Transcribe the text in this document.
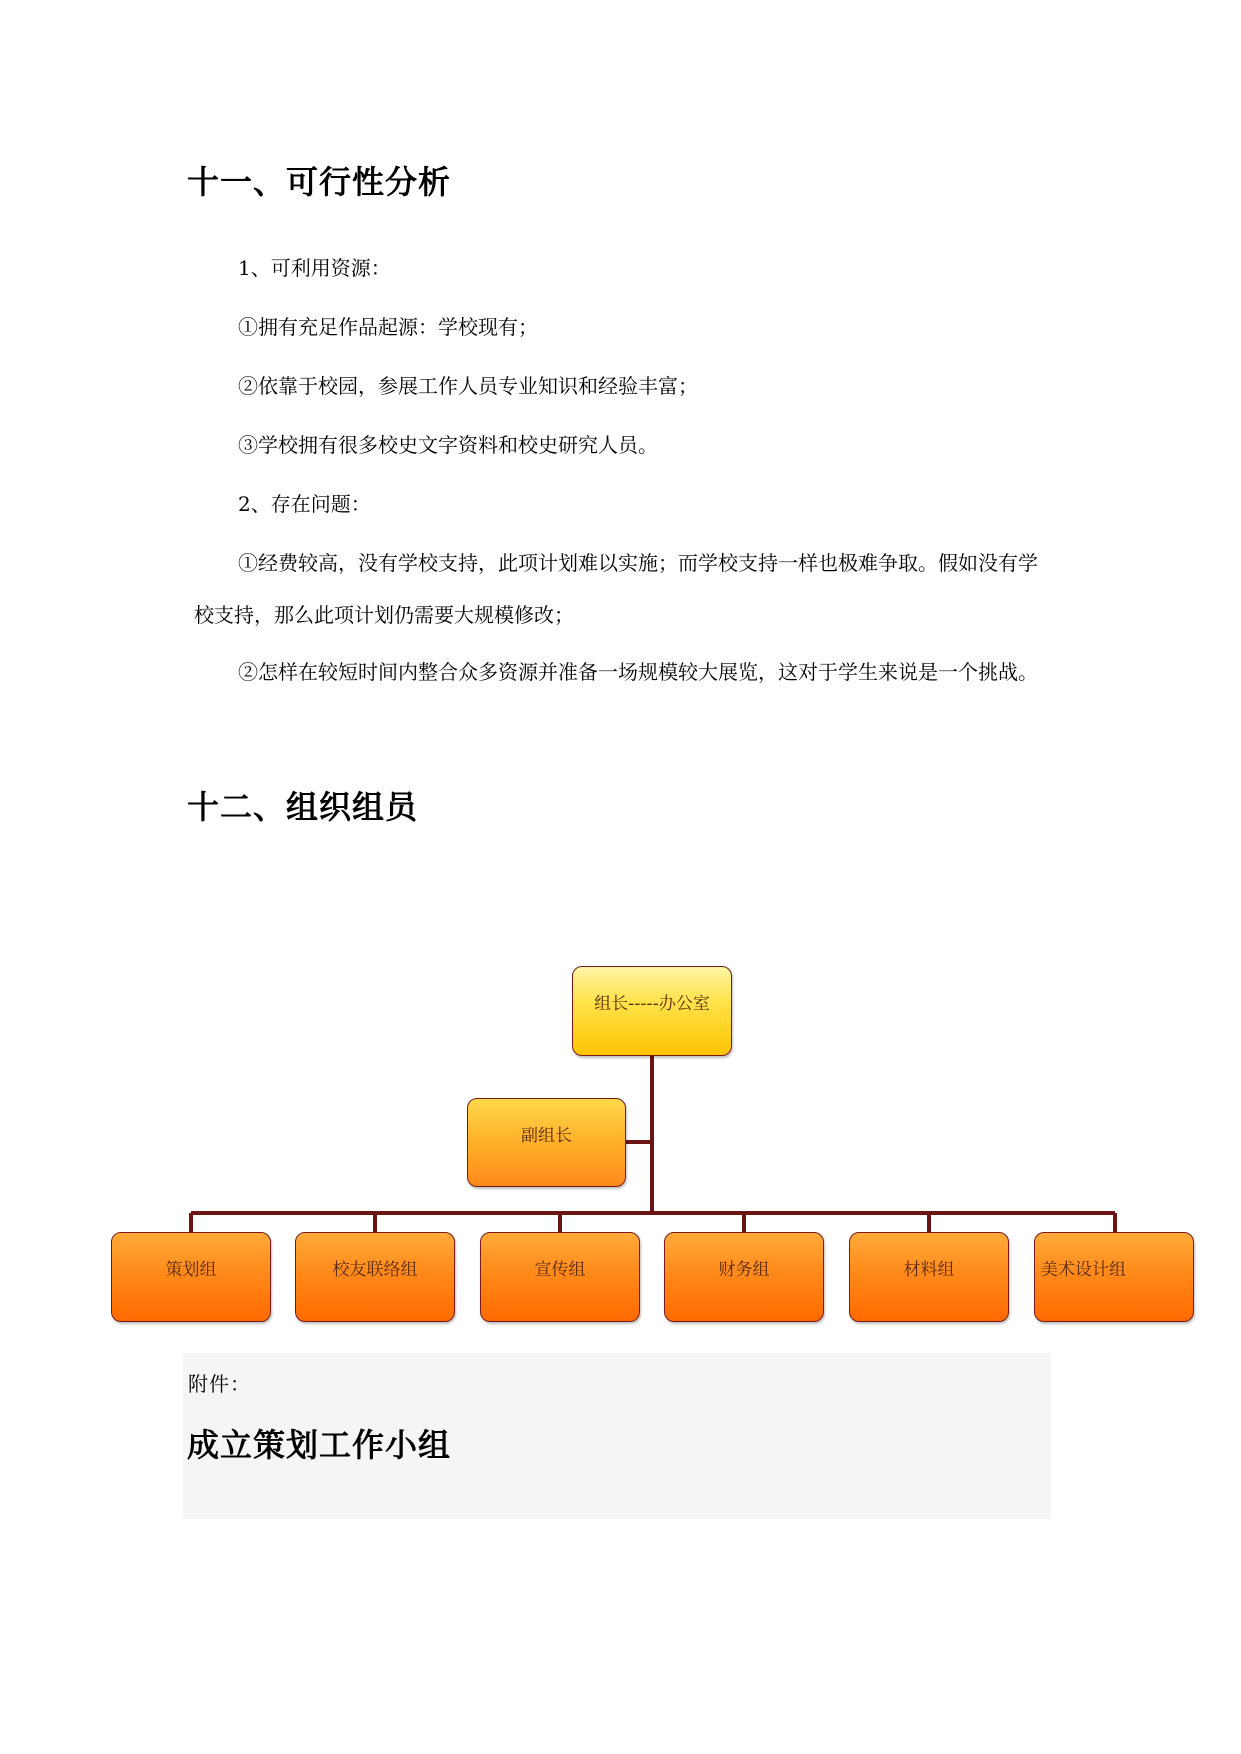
十一、可行性分析

1、可利用资源：

①拥有充足作品起源：学校现有；

②依靠于校园，参展工作人员专业知识和经验丰富；

③学校拥有很多校史文字资料和校史研究人员。

2、存在问题：

①经费较高，没有学校支持，此项计划难以实施；而学校支持一样也极难争取。假如没有学校支持，那么此项计划仍需要大规模修改；

②怎样在较短时间内整合众多资源并准备一场规模较大展览，这对于学生来说是一个挑战。

十二、组织组员
组长-----办公室
副组长
策划组	校友联络组	宣传组	财务组	材料组	美术设计组

附件：

成立策划工作小组
